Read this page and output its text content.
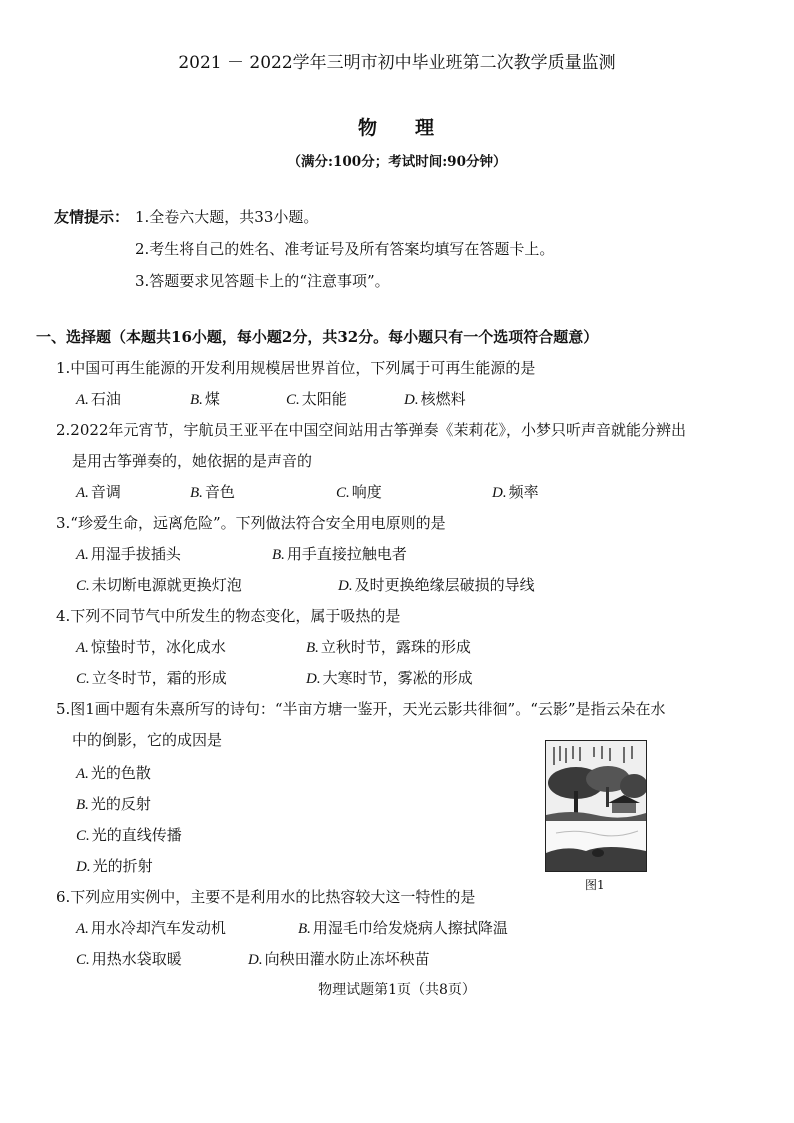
2021 － 2022学年三明市初中毕业班第二次教学质量监测
物 理
（满分:100分；考试时间:90分钟）
友情提示： 1.全卷六大题，共33小题。
2.考生将自己的姓名、准考证号及所有答案均填写在答题卡上。
3.答题要求见答题卡上的“注意事项”。
一、选择题（本题共16小题，每小题2分，共32分。每小题只有一个选项符合题意）
1.中国可再生能源的开发利用规模居世界首位，下列属于可再生能源的是
A. 石油	B. 煤	C. 太阳能	D. 核燃料
2.2022年元宵节，宇航员王亚平在中国空间站用古筝弹奏《茉莉花》，小梦只听声音就能分辨出
是用古筝弹奏的，她依据的是声音的
A. 音调	B. 音色	C. 响度	D. 频率
3.“珍爱生命，远离危险”。下列做法符合安全用电原则的是
A. 用湿手拔插头	B. 用手直接拉触电者
C. 未切断电源就更换灯泡	D. 及时更换绝缘层破损的导线
4.下列不同节气中所发生的物态变化，属于吸热的是
A. 惊蛰时节，冰化成水	B. 立秋时节，露珠的形成
C. 立冬时节，霜的形成	D. 大寒时节，雾凇的形成
5.图1画中题有朱熹所写的诗句：“半亩方塘一鉴开，天光云影共徘徊”。“云影”是指云朵在水
中的倒影，它的成因是
A. 光的色散
B. 光的反射
C. 光的直线传播
D. 光的折射
图1
6.下列应用实例中，主要不是利用水的比热容较大这一特性的是
A. 用水冷却汽车发动机	B. 用湿毛巾给发烧病人擦拭降温
C. 用热水袋取暖	D. 向秧田灌水防止冻坏秧苗
物理试题第1页（共8页）
